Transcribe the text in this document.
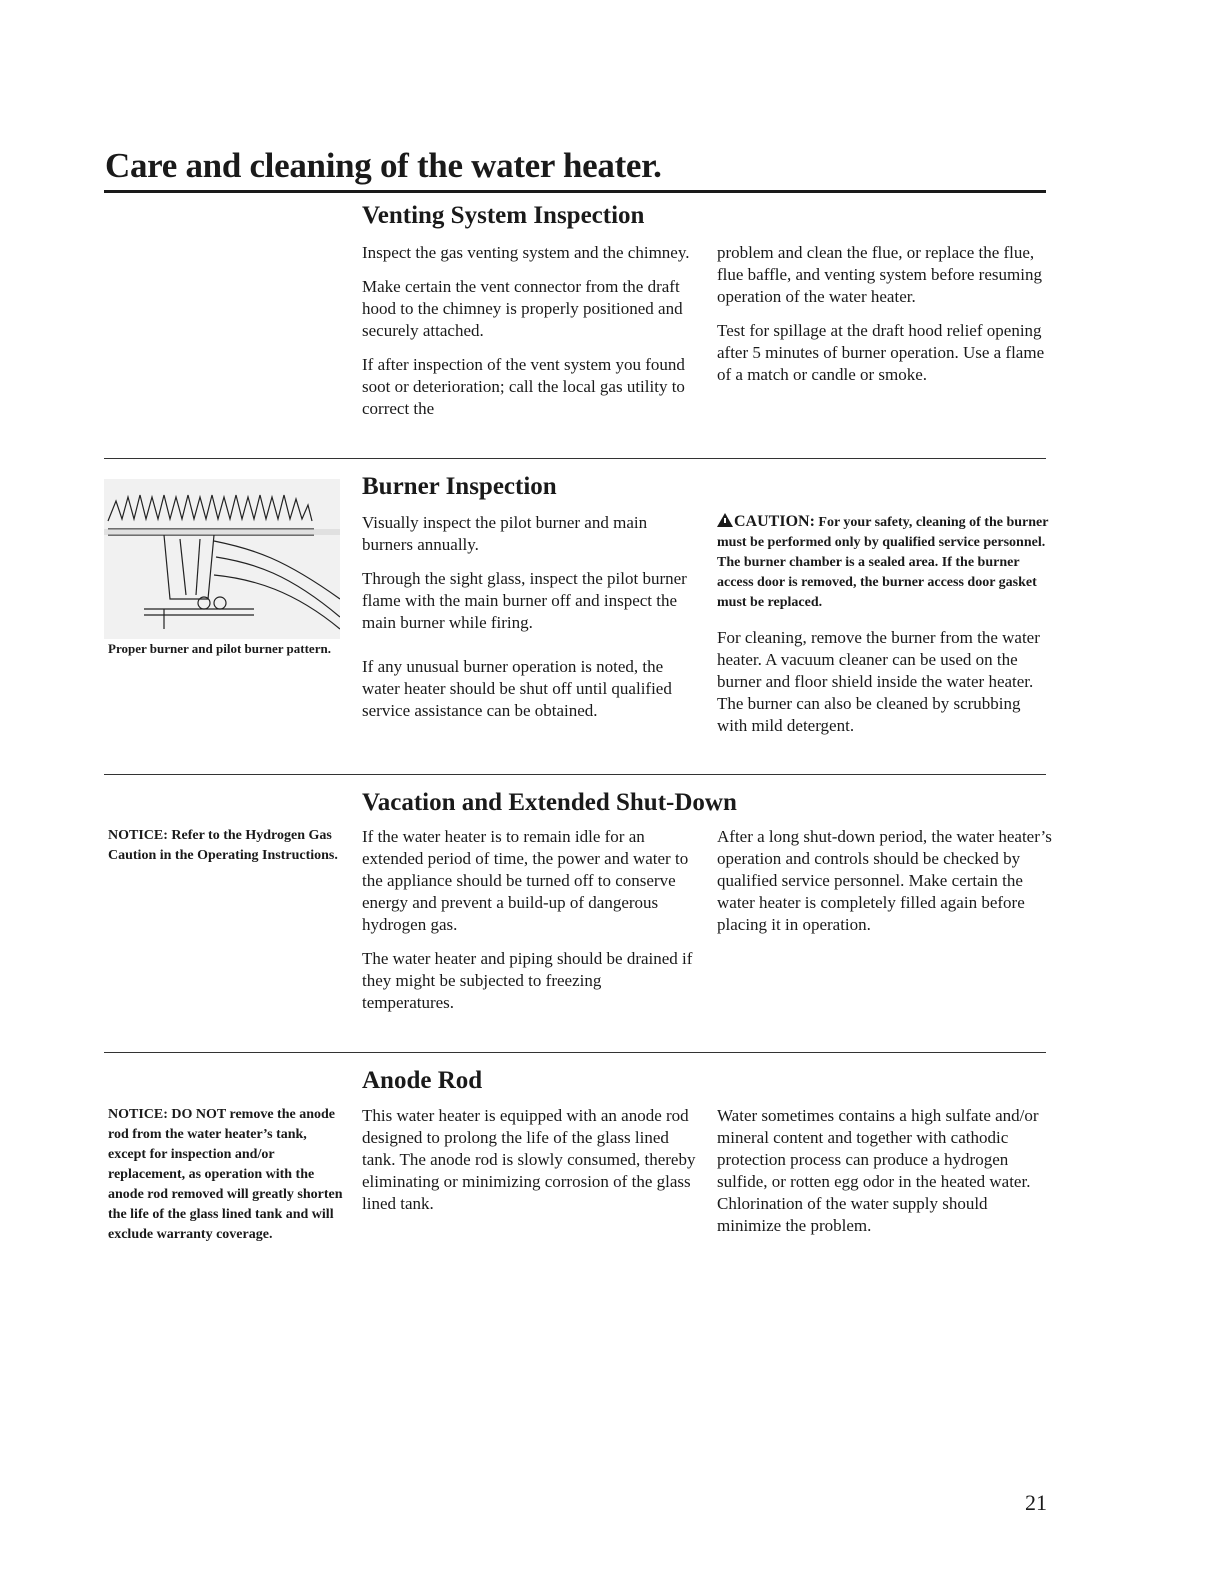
Care and cleaning of the water heater.
Venting System Inspection

Inspect the gas venting system and the chimney.

Make certain the vent connector from the draft hood to the chimney is properly positioned and securely attached.

If after inspection of the vent system you found soot or deterioration; call the local gas utility to correct the

problem and clean the flue, or replace the flue, flue baffle, and venting system before resuming operation of the water heater.

Test for spillage at the draft hood relief opening after 5 minutes of burner operation. Use a flame of a match or candle or smoke.

Proper burner and pilot burner pattern.
Burner Inspection

Visually inspect the pilot burner and main burners annually.

Through the sight glass, inspect the pilot burner flame with the main burner off and inspect the main burner while firing.

If any unusual burner operation is noted, the water heater should be shut off until qualified service assistance can be obtained.

CAUTION: For your safety, cleaning of the burner must be performed only by qualified service personnel. The burner chamber is a sealed area. If the burner access door is removed, the burner access door gasket must be replaced.

For cleaning, remove the burner from the water heater. A vacuum cleaner can be used on the burner and floor shield inside the water heater. The burner can also be cleaned by scrubbing with mild detergent.

Vacation and Extended Shut-Down
NOTICE: Refer to the Hydrogen Gas Caution in the Operating Instructions.

If the water heater is to remain idle for an extended period of time, the power and water to the appliance should be turned off to conserve energy and prevent a build-up of dangerous hydrogen gas.

The water heater and piping should be drained if they might be subjected to freezing temperatures.

After a long shut-down period, the water heater’s operation and controls should be checked by qualified service personnel. Make certain the water heater is completely filled again before placing it in operation.

Anode Rod
NOTICE: DO NOT remove the anode rod from the water heater’s tank, except for inspection and/or replacement, as operation with the anode rod removed will greatly shorten the life of the glass lined tank and will exclude warranty coverage.

This water heater is equipped with an anode rod designed to prolong the life of the glass lined tank. The anode rod is slowly consumed, thereby eliminating or minimizing corrosion of the glass lined tank.

Water sometimes contains a high sulfate and/or mineral content and together with cathodic protection process can produce a hydrogen sulfide, or rotten egg odor in the heated water. Chlorination of the water supply should minimize the problem.

21
